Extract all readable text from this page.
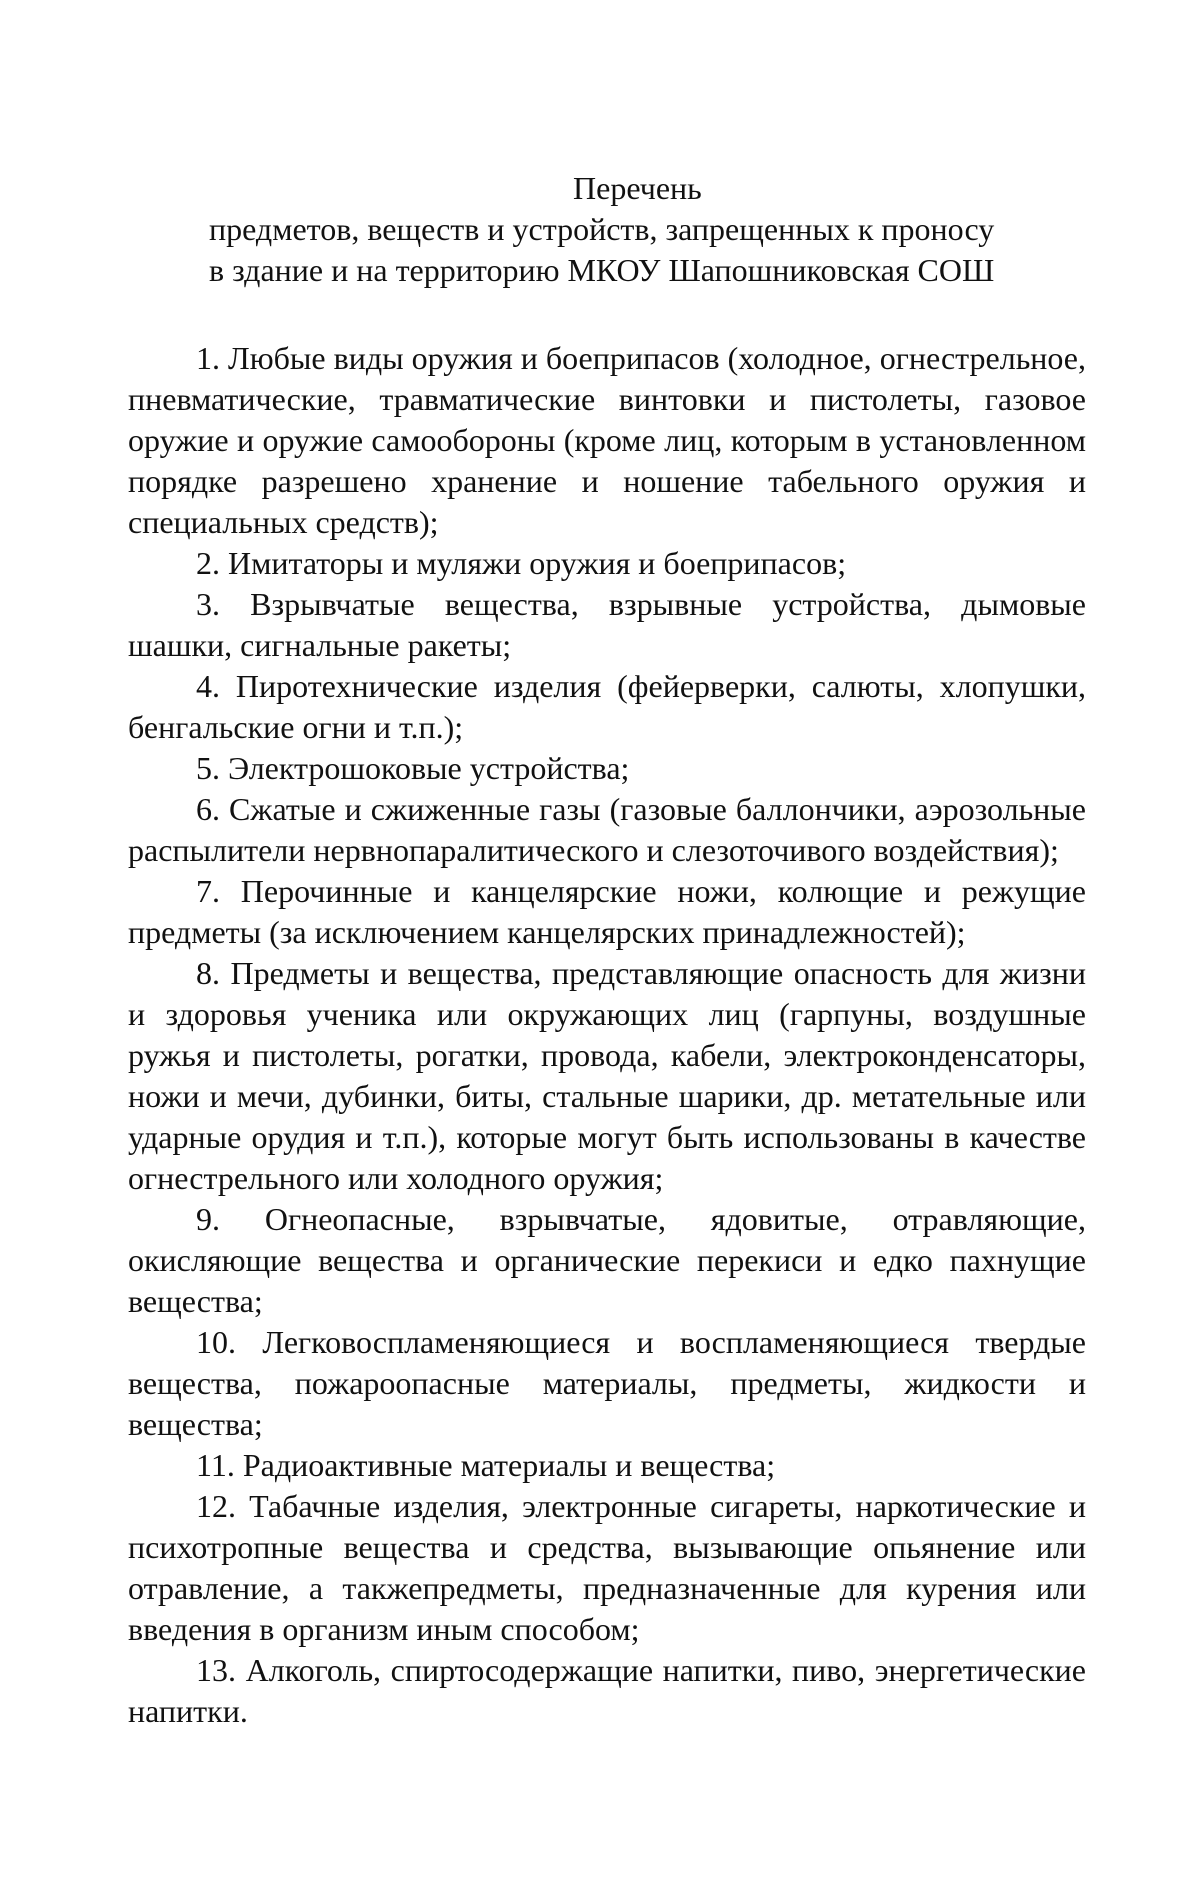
Перечень
предметов, веществ и устройств, запрещенных к проносу
в здание и на территорию МКОУ Шапошниковская СОШ

1. Любые виды оружия и боеприпасов (холодное, огнестрельное, пневматические, травматические винтовки и пистолеты, газовое оружие и оружие самообороны (кроме лиц, которым в установленном порядке разрешено хранение и ношение табельного оружия и специальных средств);

2. Имитаторы и муляжи оружия и боеприпасов;

3. Взрывчатые вещества, взрывные устройства, дымовые шашки, сигнальные ракеты;

4. Пиротехнические изделия (фейерверки, салюты, хлопушки, бенгальские огни и т.п.);

5. Электрошоковые устройства;

6. Сжатые и сжиженные газы (газовые баллончики, аэрозольные распылители нервнопаралитического и слезоточивого воздействия);

7. Перочинные и канцелярские ножи, колющие и режущие предметы (за исключением канцелярских принадлежностей);

8. Предметы и вещества, представляющие опасность для жизни и здоровья ученика или окружающих лиц (гарпуны, воздушные ружья и пистолеты, рогатки, провода, кабели, электроконденсаторы, ножи и мечи, дубинки, биты, стальные шарики, др. метательные или ударные орудия и т.п.), которые могут быть использованы в качестве огнестрельного или холодного оружия;

9. Огнеопасные, взрывчатые, ядовитые, отравляющие, окисляющие вещества и органические перекиси и едко пахнущие вещества;

10. Легковоспламеняющиеся и воспламеняющиеся твердые вещества, пожароопасные материалы, предметы, жидкости и вещества;

11. Радиоактивные материалы и вещества;

12. Табачные изделия, электронные сигареты, наркотические и психотропные вещества и средства, вызывающие опьянение или отравление, а такжепредметы, предназначенные для курения или введения в организм иным способом;

13. Алкоголь, спиртосодержащие напитки, пиво, энергетические напитки.
